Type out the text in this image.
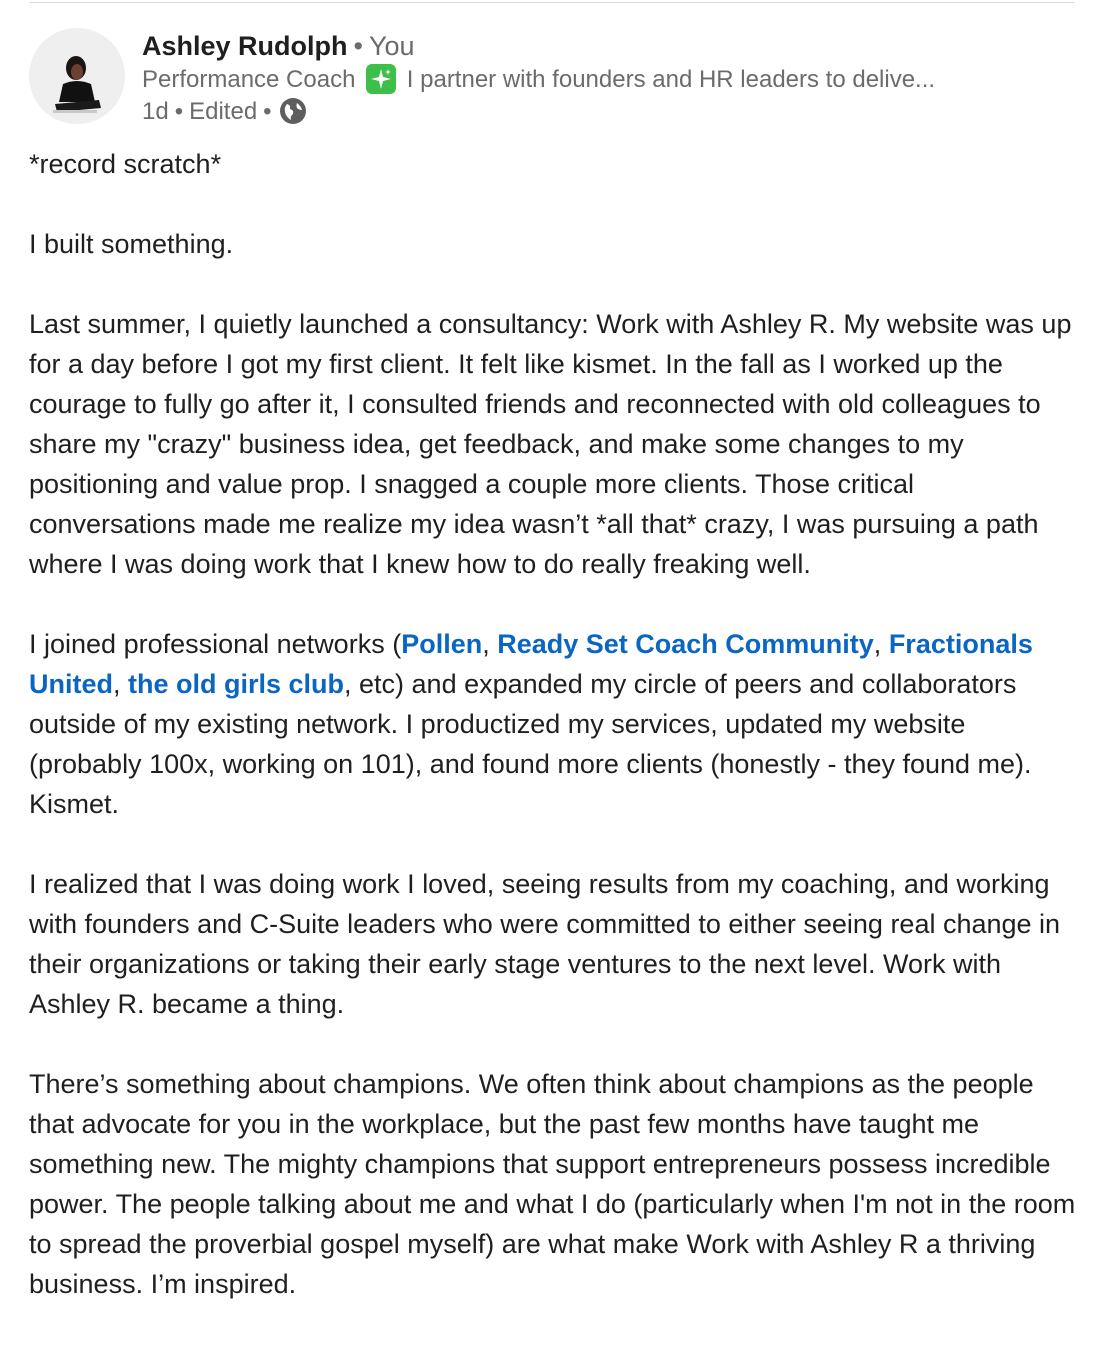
Ashley Rudolph • You
Performance Coach I partner with founders and HR leaders to delive...
1d • Edited •

*record scratch*

I built something.

Last summer, I quietly launched a consultancy: Work with Ashley R. My website was up for a day before I got my first client. It felt like kismet. In the fall as I worked up the courage to fully go after it, I consulted friends and reconnected with old colleagues to share my "crazy" business idea, get feedback, and make some changes to my positioning and value prop. I snagged a couple more clients. Those critical conversations made me realize my idea wasn’t *all that* crazy, I was pursuing a path where I was doing work that I knew how to do really freaking well.

I joined professional networks (Pollen, Ready Set Coach Community, Fractionals United, the old girls club, etc) and expanded my circle of peers and collaborators outside of my existing network. I productized my services, updated my website (probably 100x, working on 101), and found more clients (honestly - they found me). Kismet.

I realized that I was doing work I loved, seeing results from my coaching, and working with founders and C-Suite leaders who were committed to either seeing real change in their organizations or taking their early stage ventures to the next level. Work with Ashley R. became a thing.

There’s something about champions. We often think about champions as the people that advocate for you in the workplace, but the past few months have taught me something new. The mighty champions that support entrepreneurs possess incredible power. The people talking about me and what I do (particularly when I'm not in the room to spread the proverbial gospel myself) are what make Work with Ashley R a thriving business. I’m inspired.
